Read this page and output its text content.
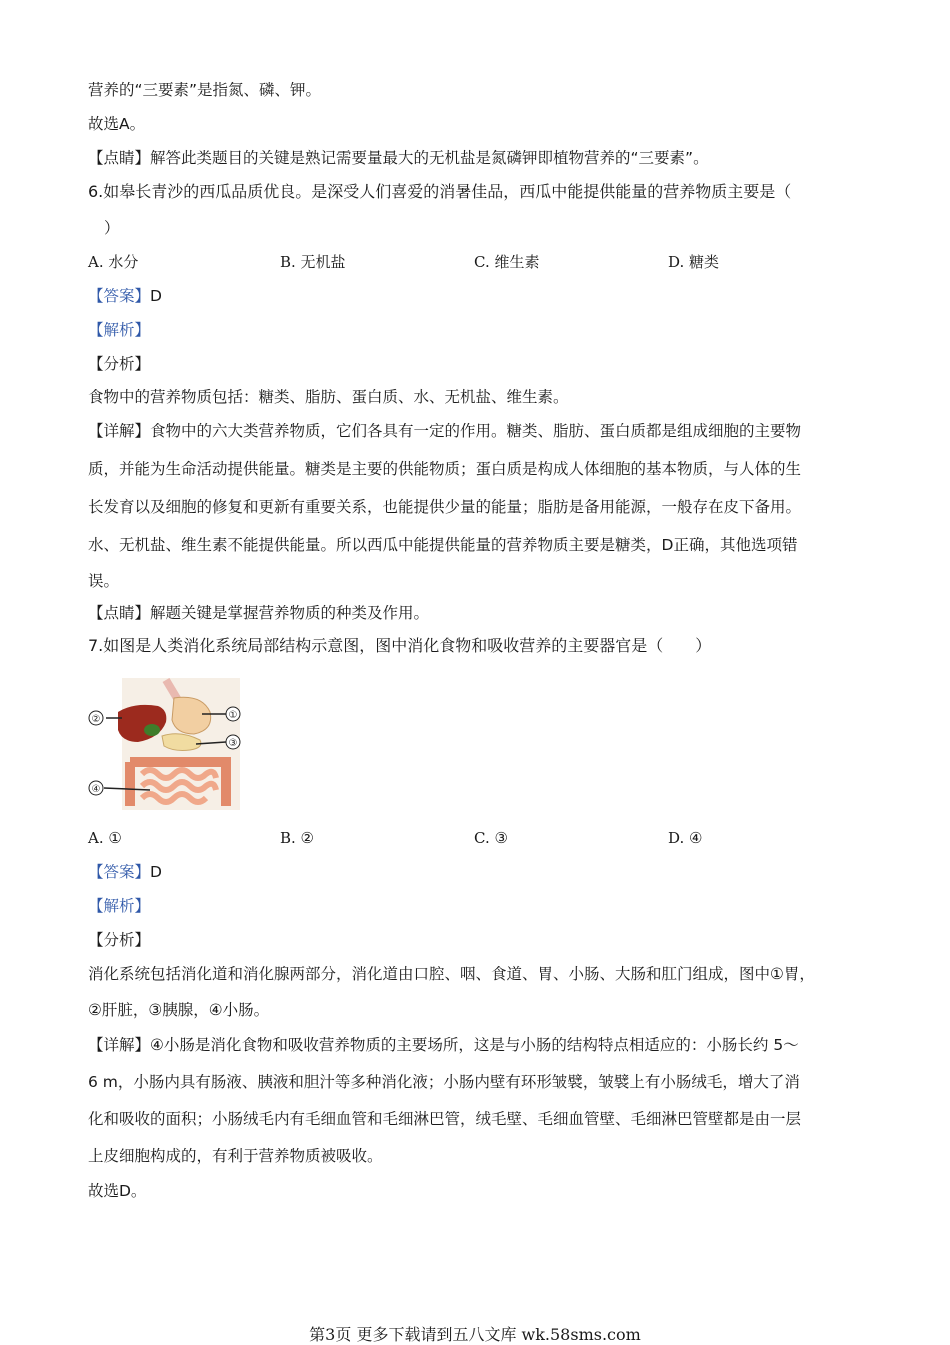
营养的“三要素”是指氮、磷、钾。
故选A。
【点睛】解答此类题目的关键是熟记需要量最大的无机盐是氮磷钾即植物营养的“三要素”。
6.如皋长青沙的西瓜品质优良。是深受人们喜爱的消暑佳品，西瓜中能提供能量的营养物质主要是（
）
A. 水分	B. 无机盐	C. 维生素	D. 糖类
【答案】D
【解析】
【分析】
食物中的营养物质包括：糖类、脂肪、蛋白质、水、无机盐、维生素。
【详解】食物中的六大类营养物质，它们各具有一定的作用。糖类、脂肪、蛋白质都是组成细胞的主要物
质，并能为生命活动提供能量。糖类是主要的供能物质；蛋白质是构成人体细胞的基本物质，与人体的生
长发育以及细胞的修复和更新有重要关系，也能提供少量的能量；脂肪是备用能源，一般存在皮下备用。
水、无机盐、维生素不能提供能量。所以西瓜中能提供能量的营养物质主要是糖类，D正确，其他选项错
误。
【点睛】解题关键是掌握营养物质的种类及作用。
7.如图是人类消化系统局部结构示意图，图中消化食物和吸收营养的主要器官是（　　）
①
②
③
④
A. ①	B. ②	C. ③	D. ④
【答案】D
【解析】
【分析】
消化系统包括消化道和消化腺两部分，消化道由口腔、咽、食道、胃、小肠、大肠和肛门组成，图中①胃，
②肝脏，③胰腺，④小肠。
【详解】④小肠是消化食物和吸收营养物质的主要场所，这是与小肠的结构特点相适应的：小肠长约 5～
6 m，小肠内具有肠液、胰液和胆汁等多种消化液；小肠内壁有环形皱襞，皱襞上有小肠绒毛，增大了消
化和吸收的面积；小肠绒毛内有毛细血管和毛细淋巴管，绒毛壁、毛细血管壁、毛细淋巴管壁都是由一层
上皮细胞构成的，有利于营养物质被吸收。
故选D。
第3页 更多下载请到五八文库 wk.58sms.com
